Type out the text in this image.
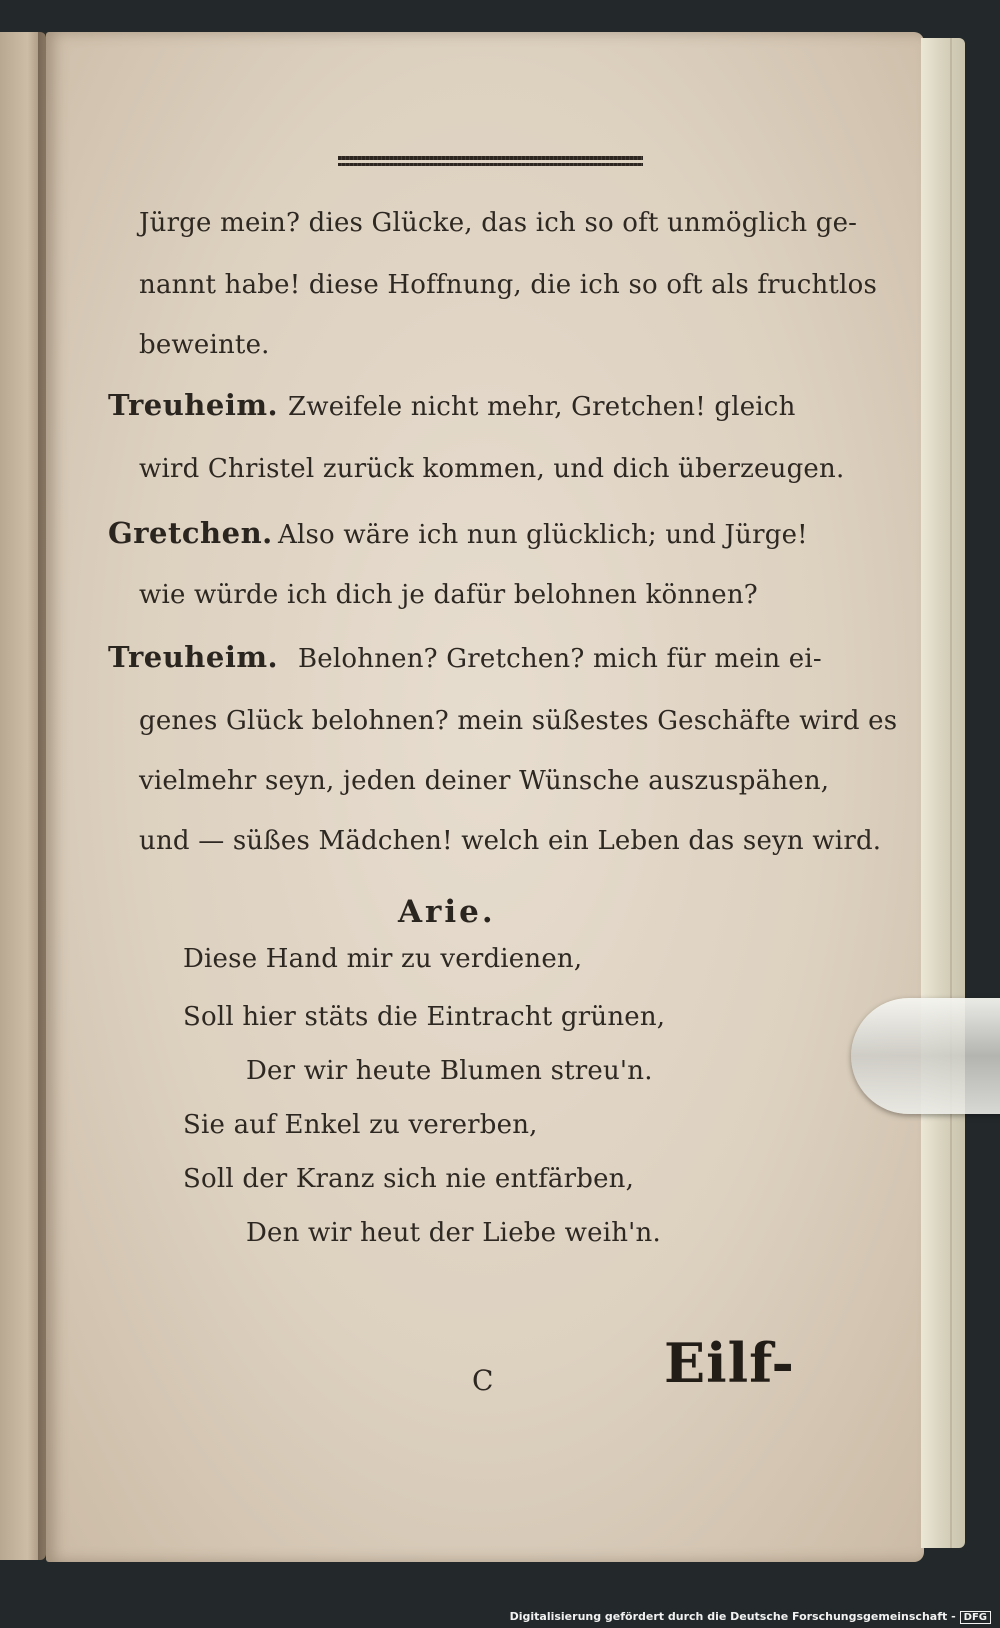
Jürge mein? dies Glücke, das ich so oft unmöglich ge-
nannt habe! diese Hoffnung, die ich so oft als fruchtlos
beweinte.
Treuheim. Zweifele nicht mehr, Gretchen! gleich
wird Christel zurück kommen, und dich überzeugen.
Gretchen. Also wäre ich nun glücklich; und Jürge!
wie würde ich dich je dafür belohnen können?
Treuheim. Belohnen? Gretchen? mich für mein ei-
genes Glück belohnen? mein süßestes Geschäfte wird es
vielmehr seyn, jeden deiner Wünsche auszuspähen,
und — süßes Mädchen! welch ein Leben das seyn wird.
Arie.
Diese Hand mir zu verdienen,
Soll hier stäts die Eintracht grünen,
Der wir heute Blumen streu'n.
Sie auf Enkel zu vererben,
Soll der Kranz sich nie entfärben,
Den wir heut der Liebe weih'n.
Eilf-
C
Digitalisierung gefördert durch die Deutsche Forschungsgemeinschaft - DFG
